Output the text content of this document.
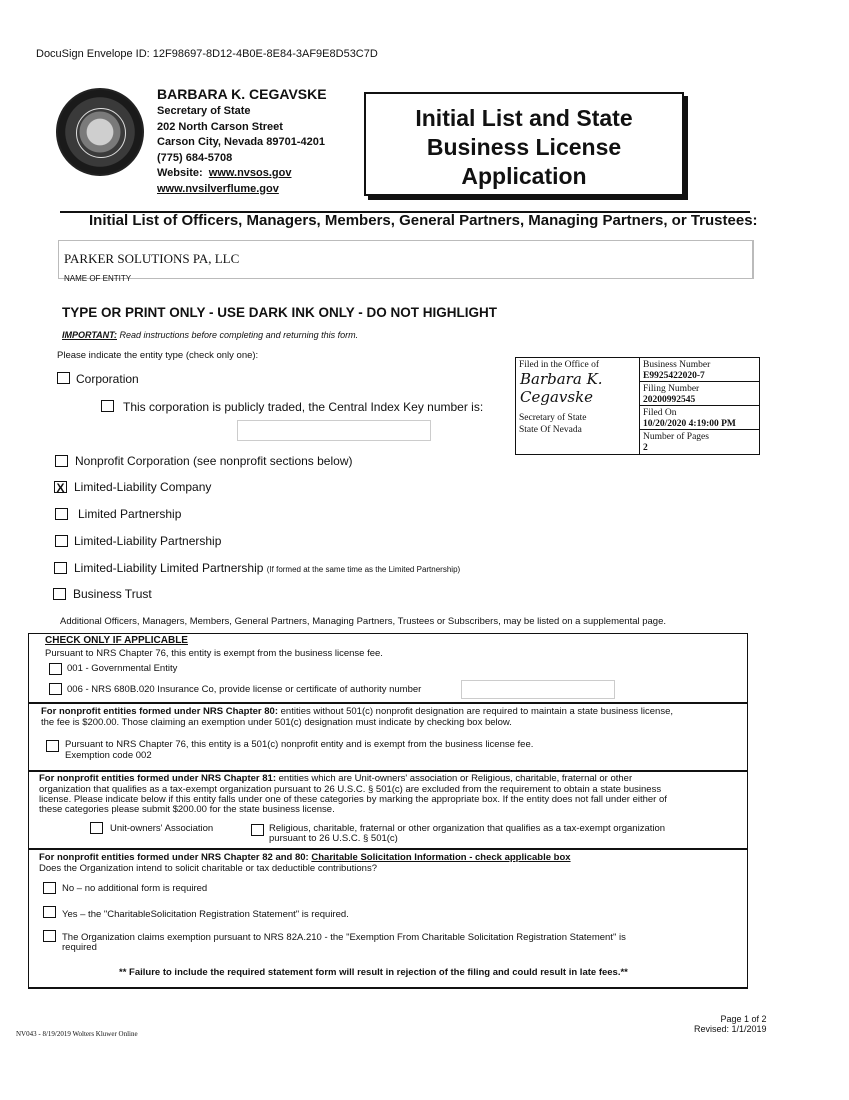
DocuSign Envelope ID: 12F98697-8D12-4B0E-8E84-3AF9E8D53C7D
BARBARA K. CEGAVSKE
Secretary of State
202 North Carson Street
Carson City, Nevada 89701-4201
(775) 684-5708
Website: www.nvsos.gov
www.nvsilverflume.gov
Initial List and State
Business License
Application
Initial List of Officers, Managers, Members, General Partners, Managing Partners, or Trustees:
PARKER SOLUTIONS PA, LLC
NAME OF ENTITY
TYPE OR PRINT ONLY - USE DARK INK ONLY - DO NOT HIGHLIGHT
IMPORTANT: Read instructions before completing and returning this form.
Please indicate the entity type (check only one):
Corporation
This corporation is publicly traded, the Central Index Key number is:
Nonprofit Corporation (see nonprofit sections below)
X Limited-Liability Company
Limited Partnership
Limited-Liability Partnership
Limited-Liability Limited Partnership (If formed at the same time as the Limited Partnership)
Business Trust
Filed in the Office of
Barbara K. Cegavske
Secretary of State
State Of Nevada
Business Number
E9925422020-7
Filing Number
20200992545
Filed On
10/20/2020 4:19:00 PM
Number of Pages
2
Additional Officers, Managers, Members, General Partners, Managing Partners, Trustees or Subscribers, may be listed on a supplemental page.
CHECK ONLY IF APPLICABLE
Pursuant to NRS Chapter 76, this entity is exempt from the business license fee.
001 - Governmental Entity
006 - NRS 680B.020 Insurance Co, provide license or certificate of authority number
For nonprofit entities formed under NRS Chapter 80: entities without 501(c) nonprofit designation are required to maintain a state business license,
the fee is $200.00. Those claiming an exemption under 501(c) designation must indicate by checking box below.
Pursuant to NRS Chapter 76, this entity is a 501(c) nonprofit entity and is exempt from the business license fee.
Exemption code 002
For nonprofit entities formed under NRS Chapter 81: entities which are Unit-owners' association or Religious, charitable, fraternal or other
organization that qualifies as a tax-exempt organization pursuant to 26 U.S.C. § 501(c) are excluded from the requirement to obtain a state business
license. Please indicate below if this entity falls under one of these categories by marking the appropriate box. If the entity does not fall under either of
these categories please submit $200.00 for the state business license.
Unit-owners' Association	Religious, charitable, fraternal or other organization that qualifies as a tax-exempt organization
pursuant to 26 U.S.C. § 501(c)
For nonprofit entities formed under NRS Chapter 82 and 80: Charitable Solicitation Information - check applicable box
Does the Organization intend to solicit charitable or tax deductible contributions?
No – no additional form is required
Yes – the "CharitableSolicitation Registration Statement" is required.
The Organization claims exemption pursuant to NRS 82A.210 - the "Exemption From Charitable Solicitation Registration Statement" is
required
** Failure to include the required statement form will result in rejection of the filing and could result in late fees.**
Page 1 of 2
Revised: 1/1/2019
NV043 - 8/19/2019 Wolters Kluwer Online
